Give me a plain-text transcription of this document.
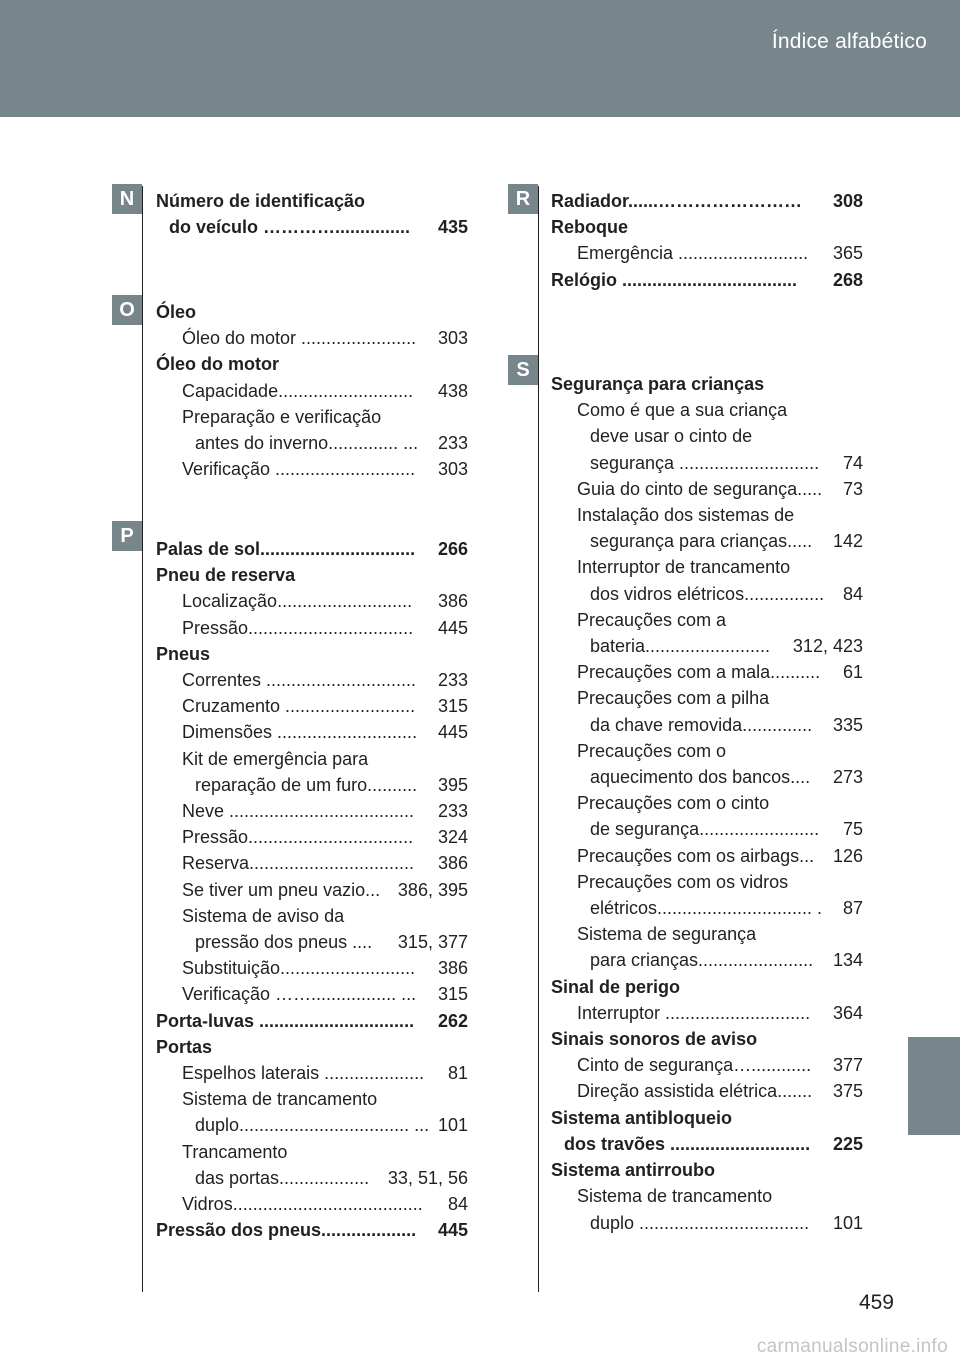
Índice alfabético
N
O
P
R
S
Número de identificação
do veículo …………............... 435
Óleo
Óleo do motor ....................... 303
Óleo do motor
Capacidade........................... 438
Preparação e verificação
antes do inverno.............. ... 233
Verificação ............................ 303
Palas de sol............................... 266
Pneu de reserva
Localização........................... 386
Pressão................................. 445
Pneus
Correntes .............................. 233
Cruzamento .......................... 315
Dimensões ............................ 445
Kit de emergência para
reparação de um furo.......... 395
Neve ..................................... 233
Pressão................................. 324
Reserva................................. 386
Se tiver um pneu vazio... 386, 395
Sistema de aviso da
pressão dos pneus .... 315, 377
Substituição........................... 386
Verificação ……................. ... 315
Porta-luvas ............................... 262
Portas
Espelhos laterais .................... 81
Sistema de trancamento
duplo.................................. ... 101
Trancamento
das portas.................. 33, 51, 56
Vidros...................................... 84
Pressão dos pneus................... 445
Radiador......…………………… 308
Reboque
Emergência .......................... 365
Relógio ................................... 268
Segurança para crianças
Como é que a sua criança
deve usar o cinto de
segurança ............................ 74
Guia do cinto de segurança..... 73
Instalação dos sistemas de
segurança para crianças..... 142
Interruptor de trancamento
dos vidros elétricos................ 84
Precauções com a
bateria......................... 312, 423
Precauções com a mala.......... 61
Precauções com a pilha
da chave removida.............. 335
Precauções com o
aquecimento dos bancos.... 273
Precauções com o cinto
de segurança........................ 75
Precauções com os airbags... 126
Precauções com os vidros
elétricos............................... . 87
Sistema de segurança
para crianças....................... 134
Sinal de perigo
Interruptor ............................. 364
Sinais sonoros de aviso
Cinto de segurança…............ 377
Direção assistida elétrica....... 375
Sistema antibloqueio
dos travões ............................ 225
Sistema antirroubo
Sistema de trancamento
duplo .................................. 101
459
carmanualsonline.info
